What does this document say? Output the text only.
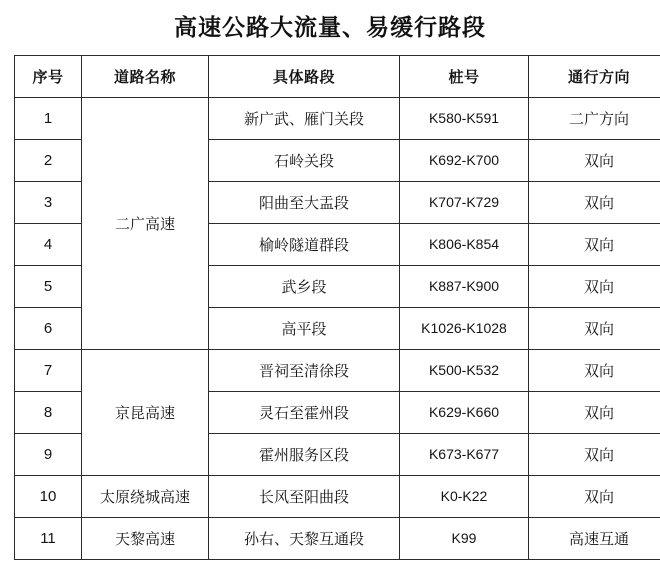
高速公路大流量、易缓行路段
序号	道路名称	具体路段	桩号	通行方向
1	二广高速	新广武、雁门关段	K580-K591	二广方向
2		石岭关段	K692-K700	双向
3		阳曲至大盂段	K707-K729	双向
4		榆岭隧道群段	K806-K854	双向
5		武乡段	K887-K900	双向
6		高平段	K1026-K1028	双向
7	京昆高速	晋祠至清徐段	K500-K532	双向
8		灵石至霍州段	K629-K660	双向
9		霍州服务区段	K673-K677	双向
10	太原绕城高速	长风至阳曲段	K0-K22	双向
11	天黎高速	孙右、天黎互通段	K99	高速互通
